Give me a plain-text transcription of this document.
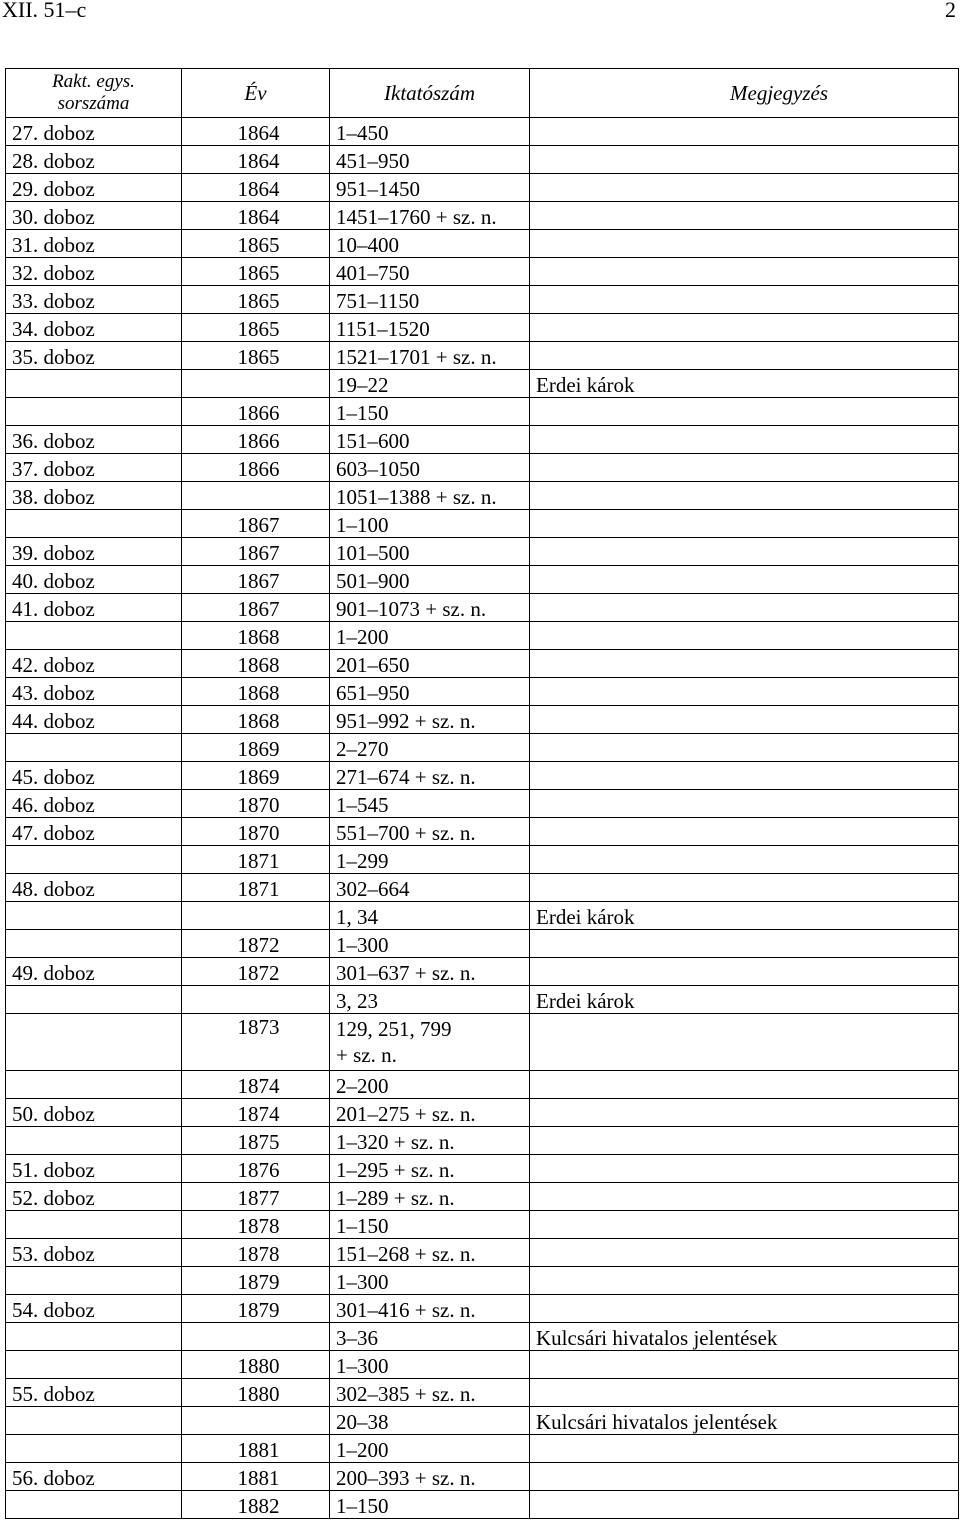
XII. 51–c	2
Rakt. egys. sorszáma	Év	Iktatószám	Megjegyzés
27. doboz	1864	1–450	
28. doboz	1864	451–950	
29. doboz	1864	951–1450	
30. doboz	1864	1451–1760 + sz. n.	
31. doboz	1865	10–400	
32. doboz	1865	401–750	
33. doboz	1865	751–1150	
34. doboz	1865	1151–1520	
35. doboz	1865	1521–1701 + sz. n.	
		19–22	Erdei károk
	1866	1–150	
36. doboz	1866	151–600	
37. doboz	1866	603–1050	
38. doboz		1051–1388 + sz. n.	
	1867	1–100	
39. doboz	1867	101–500	
40. doboz	1867	501–900	
41. doboz	1867	901–1073 + sz. n.	
	1868	1–200	
42. doboz	1868	201–650	
43. doboz	1868	651–950	
44. doboz	1868	951–992 + sz. n.	
	1869	2–270	
45. doboz	1869	271–674 + sz. n.	
46. doboz	1870	1–545	
47. doboz	1870	551–700 + sz. n.	
	1871	1–299	
48. doboz	1871	302–664	
		1, 34	Erdei károk
	1872	1–300	
49. doboz	1872	301–637 + sz. n.	
		3, 23	Erdei károk
	1873	129, 251, 799
+ sz. n.	
	1874	2–200	
50. doboz	1874	201–275 + sz. n.	
	1875	1–320 + sz. n.	
51. doboz	1876	1–295 + sz. n.	
52. doboz	1877	1–289 + sz. n.	
	1878	1–150	
53. doboz	1878	151–268 + sz. n.	
	1879	1–300	
54. doboz	1879	301–416 + sz. n.	
		3–36	Kulcsári hivatalos jelentések
	1880	1–300	
55. doboz	1880	302–385 + sz. n.	
		20–38	Kulcsári hivatalos jelentések
	1881	1–200	
56. doboz	1881	200–393 + sz. n.	
	1882	1–150	
